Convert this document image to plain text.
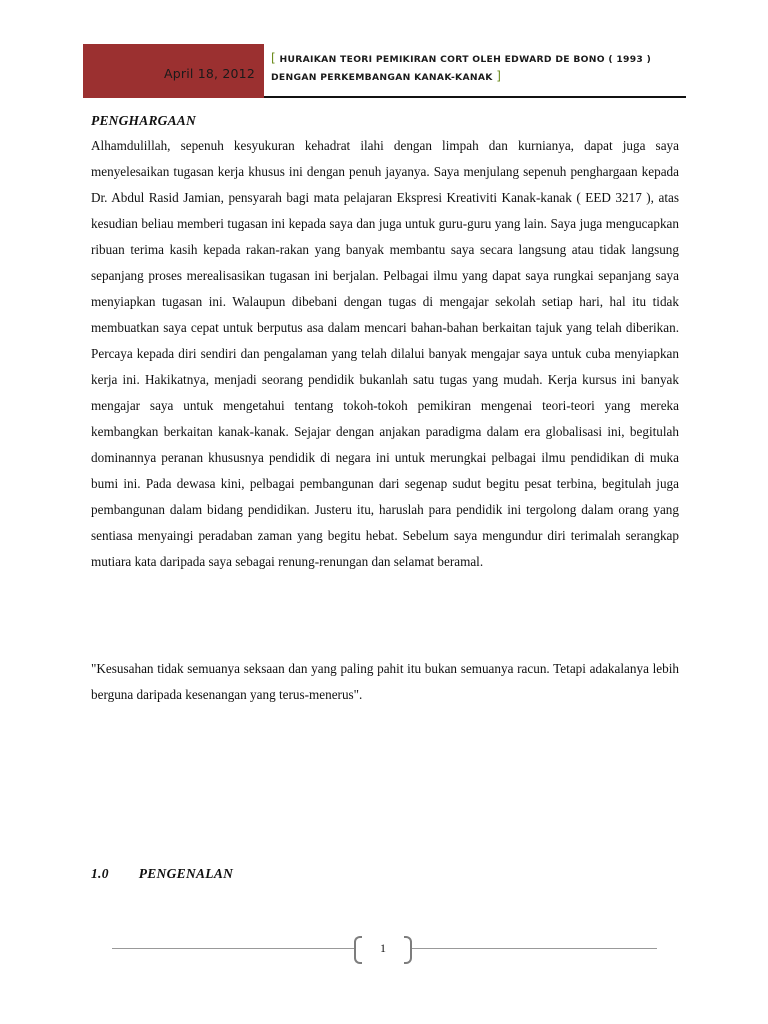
April 18, 2012
[ HURAIKAN TEORI PEMIKIRAN CORT OLEH EDWARD DE BONO ( 1993 ) DENGAN PERKEMBANGAN KANAK-KANAK ]
PENGHARGAAN

Alhamdulillah, sepenuh kesyukuran kehadrat ilahi dengan limpah dan kurnianya, dapat juga saya menyelesaikan tugasan kerja khusus ini dengan penuh jayanya. Saya menjulang sepenuh penghargaan kepada Dr. Abdul Rasid Jamian, pensyarah bagi mata pelajaran Ekspresi Kreativiti Kanak-kanak ( EED 3217 ), atas kesudian beliau memberi tugasan ini kepada saya dan juga untuk guru-guru yang lain. Saya juga mengucapkan ribuan terima kasih kepada rakan-rakan yang banyak membantu saya secara langsung atau tidak langsung sepanjang proses merealisasikan tugasan ini berjalan. Pelbagai ilmu yang dapat saya rungkai sepanjang saya menyiapkan tugasan ini. Walaupun dibebani dengan tugas di mengajar sekolah setiap hari, hal itu tidak membuatkan saya cepat untuk berputus asa dalam mencari bahan-bahan berkaitan tajuk yang telah diberikan. Percaya kepada diri sendiri dan pengalaman yang telah dilalui banyak mengajar saya untuk cuba menyiapkan kerja ini. Hakikatnya, menjadi seorang pendidik bukanlah satu tugas yang mudah. Kerja kursus ini banyak mengajar saya untuk mengetahui tentang tokoh-tokoh pemikiran mengenai teori-teori yang mereka kembangkan berkaitan kanak-kanak. Sejajar dengan anjakan paradigma dalam era globalisasi ini, begitulah dominannya peranan khususnya pendidik di negara ini untuk merungkai pelbagai ilmu pendidikan di muka bumi ini. Pada dewasa kini, pelbagai pembangunan dari segenap sudut begitu pesat terbina, begitulah juga pembangunan dalam bidang pendidikan. Justeru itu, haruslah para pendidik ini tergolong dalam orang yang sentiasa menyaingi peradaban zaman yang begitu hebat. Sebelum saya mengundur diri terimalah serangkap mutiara kata daripada saya sebagai renung-renungan dan selamat beramal.

"Kesusahan tidak semuanya seksaan dan yang paling pahit itu bukan semuanya racun. Tetapi adakalanya lebih berguna daripada kesenangan yang terus-menerus".

1.0 PENGENALAN
1
